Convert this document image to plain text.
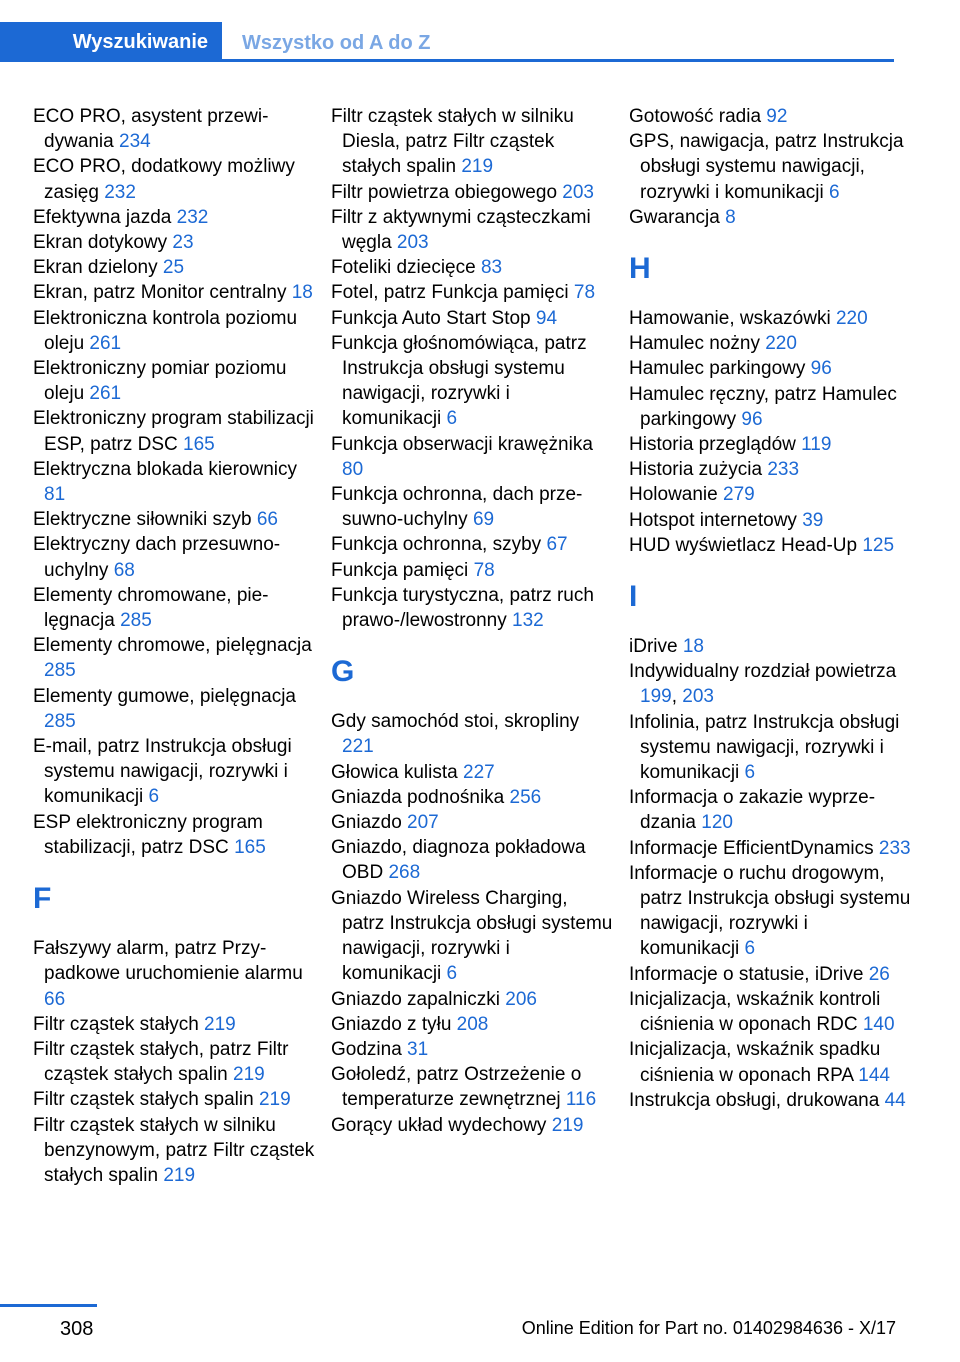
Wyszukiwanie	Wszystko od A do Z
ECO PRO, asystent przewidywania 234
ECO PRO, dodatkowy możliwy zasięg 232
Efektywna jazda 232
Ekran dotykowy 23
Ekran dzielony 25
Ekran, patrz Monitor centralny 18
Elektroniczna kontrola poziomu oleju 261
Elektroniczny pomiar poziomu oleju 261
Elektroniczny program stabilizacji ESP, patrz DSC 165
Elektryczna blokada kierownicy 81
Elektryczne siłowniki szyb 66
Elektryczny dach przesuwno-uchylny 68
Elementy chromowane, pielęgnacja 285
Elementy chromowe, pielęgnacja 285
Elementy gumowe, pielęgnacja 285
E-mail, patrz Instrukcja obsługi systemu nawigacji, rozrywki i komunikacji 6
ESP elektroniczny program stabilizacji, patrz DSC 165
F
Fałszywy alarm, patrz Przypadkowe uruchomienie alarmu 66
Filtr cząstek stałych 219
Filtr cząstek stałych, patrz Filtr cząstek stałych spalin 219
Filtr cząstek stałych spalin 219
Filtr cząstek stałych w silniku benzynowym, patrz Filtr cząstek stałych spalin 219
Filtr cząstek stałych w silniku Diesla, patrz Filtr cząstek stałych spalin 219
Filtr powietrza obiegowego 203
Filtr z aktywnymi cząsteczkami węgla 203
Foteliki dziecięce 83
Fotel, patrz Funkcja pamięci 78
Funkcja Auto Start Stop 94
Funkcja głośnomówiąca, patrz Instrukcja obsługi systemu nawigacji, rozrywki i komunikacji 6
Funkcja obserwacji krawężnika 80
Funkcja ochronna, dach przesuwno-uchylny 69
Funkcja ochronna, szyby 67
Funkcja pamięci 78
Funkcja turystyczna, patrz ruch prawo-/lewostronny 132
G
Gdy samochód stoi, skropliny 221
Głowica kulista 227
Gniazda podnośnika 256
Gniazdo 207
Gniazdo, diagnoza pokładowa OBD 268
Gniazdo Wireless Charging, patrz Instrukcja obsługi systemu nawigacji, rozrywki i komunikacji 6
Gniazdo zapalniczki 206
Gniazdo z tyłu 208
Godzina 31
Gołoledź, patrz Ostrzeżenie o temperaturze zewnętrznej 116
Gorący układ wydechowy 219
Gotowość radia 92
GPS, nawigacja, patrz Instrukcja obsługi systemu nawigacji, rozrywki i komunikacji 6
Gwarancja 8
H
Hamowanie, wskazówki 220
Hamulec nożny 220
Hamulec parkingowy 96
Hamulec ręczny, patrz Hamulec parkingowy 96
Historia przeglądów 119
Historia zużycia 233
Holowanie 279
Hotspot internetowy 39
HUD wyświetlacz Head-Up 125
I
iDrive 18
Indywidualny rozdział powietrza 199, 203
Infolinia, patrz Instrukcja obsługi systemu nawigacji, rozrywki i komunikacji 6
Informacja o zakazie wyprzedzania 120
Informacje EfficientDynamics 233
Informacje o ruchu drogowym, patrz Instrukcja obsługi systemu nawigacji, rozrywki i komunikacji 6
Informacje o statusie, iDrive 26
Inicjalizacja, wskaźnik kontroli ciśnienia w oponach RDC 140
Inicjalizacja, wskaźnik spadku ciśnienia w oponach RPA 144
Instrukcja obsługi, drukowana 44
308	Online Edition for Part no. 01402984636 - X/17
